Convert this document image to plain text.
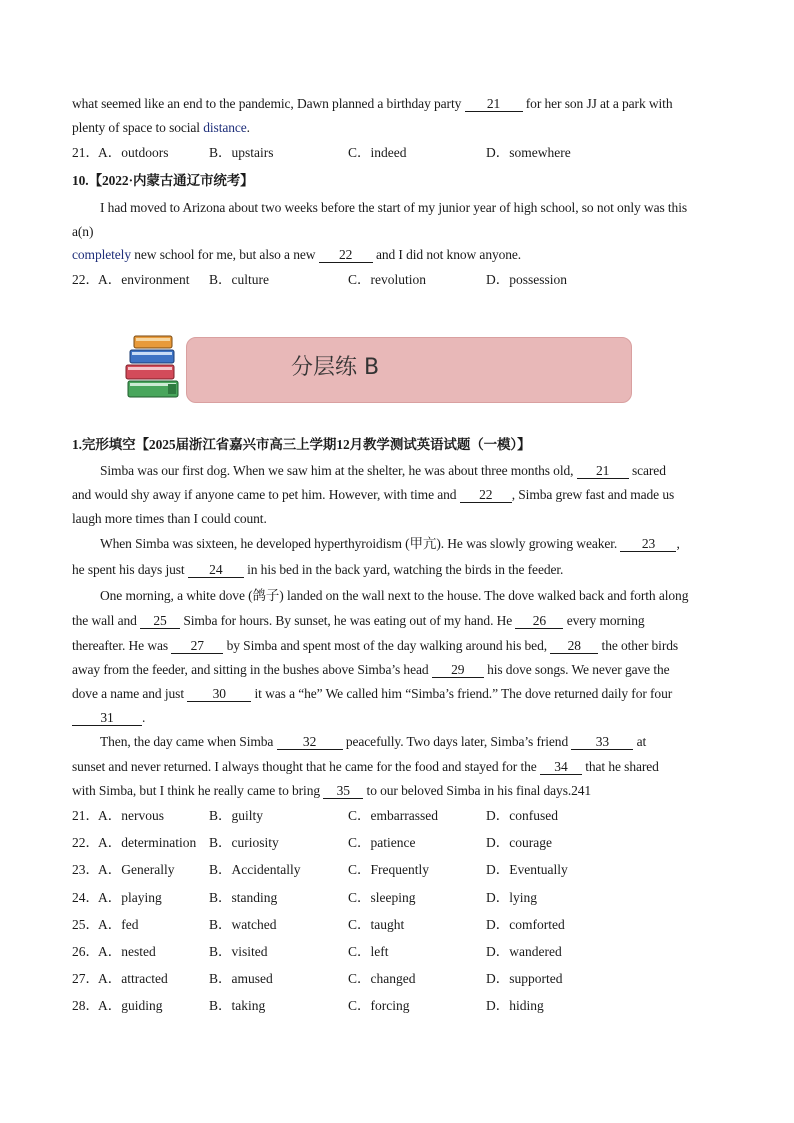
what seemed like an end to the pandemic, Dawn planned a birthday party 21 for her son JJ at a park with
plenty of space to social distance.
21． A．outdoors	B．upstairs	C．indeed	D．somewhere
10.【2022·内蒙古通辽市统考】
I had moved to Arizona about two weeks before the start of my junior year of high school, so not only was this
a(n)
completely new school for me, but also a new 22 and I did not know anyone.
22． A．environment B．culture	C．revolution	D．possession
分层练 B
1.完形填空【2025届浙江省嘉兴市高三上学期12月教学测试英语试题（一模）】
Simba was our first dog. When we saw him at the shelter, he was about three months old, 21 scared
and would shy away if anyone came to pet him. However, with time and 22 , Simba grew fast and made us
laugh more times than I could count.
When Simba was sixteen, he developed hyperthyroidism (甲亢). He was slowly growing weaker. 23 ,
he spent his days just 24 in his bed in the back yard, watching the birds in the feeder.
One morning, a white dove (鸽子) landed on the wall next to the house. The dove walked back and forth along
the wall and 25 Simba for hours. By sunset, he was eating out of my hand. He 26 every morning
thereafter. He was 27 by Simba and spent most of the day walking around his bed, 28 the other birds
away from the feeder, and sitting in the bushes above Simba’s head 29 his dove songs. We never gave the
dove a name and just 30 it was a “he” We called him “Simba’s friend.” The dove returned daily for four
31 .
Then, the day came when Simba 32 peacefully. Two days later, Simba’s friend 33 at
sunset and never returned. I always thought that he came for the food and stayed for the 34 that he shared
with Simba, but I think he really came to bring 35 to our beloved Simba in his final days.241
21． A．nervous	B．guilty	C．embarrassed	D．confused
22． A．determination B．curiosity	C．patience	D．courage
23． A．Generally	B．Accidentally	C．Frequently	D．Eventually
24． A．playing	B．standing	C．sleeping	D．lying
25． A．fed	B．watched	C．taught	D．comforted
26． A．nested	B．visited	C．left	D．wandered
27． A．attracted	B．amused	C．changed	D．supported
28． A．guiding	B．taking	C．forcing	D．hiding
